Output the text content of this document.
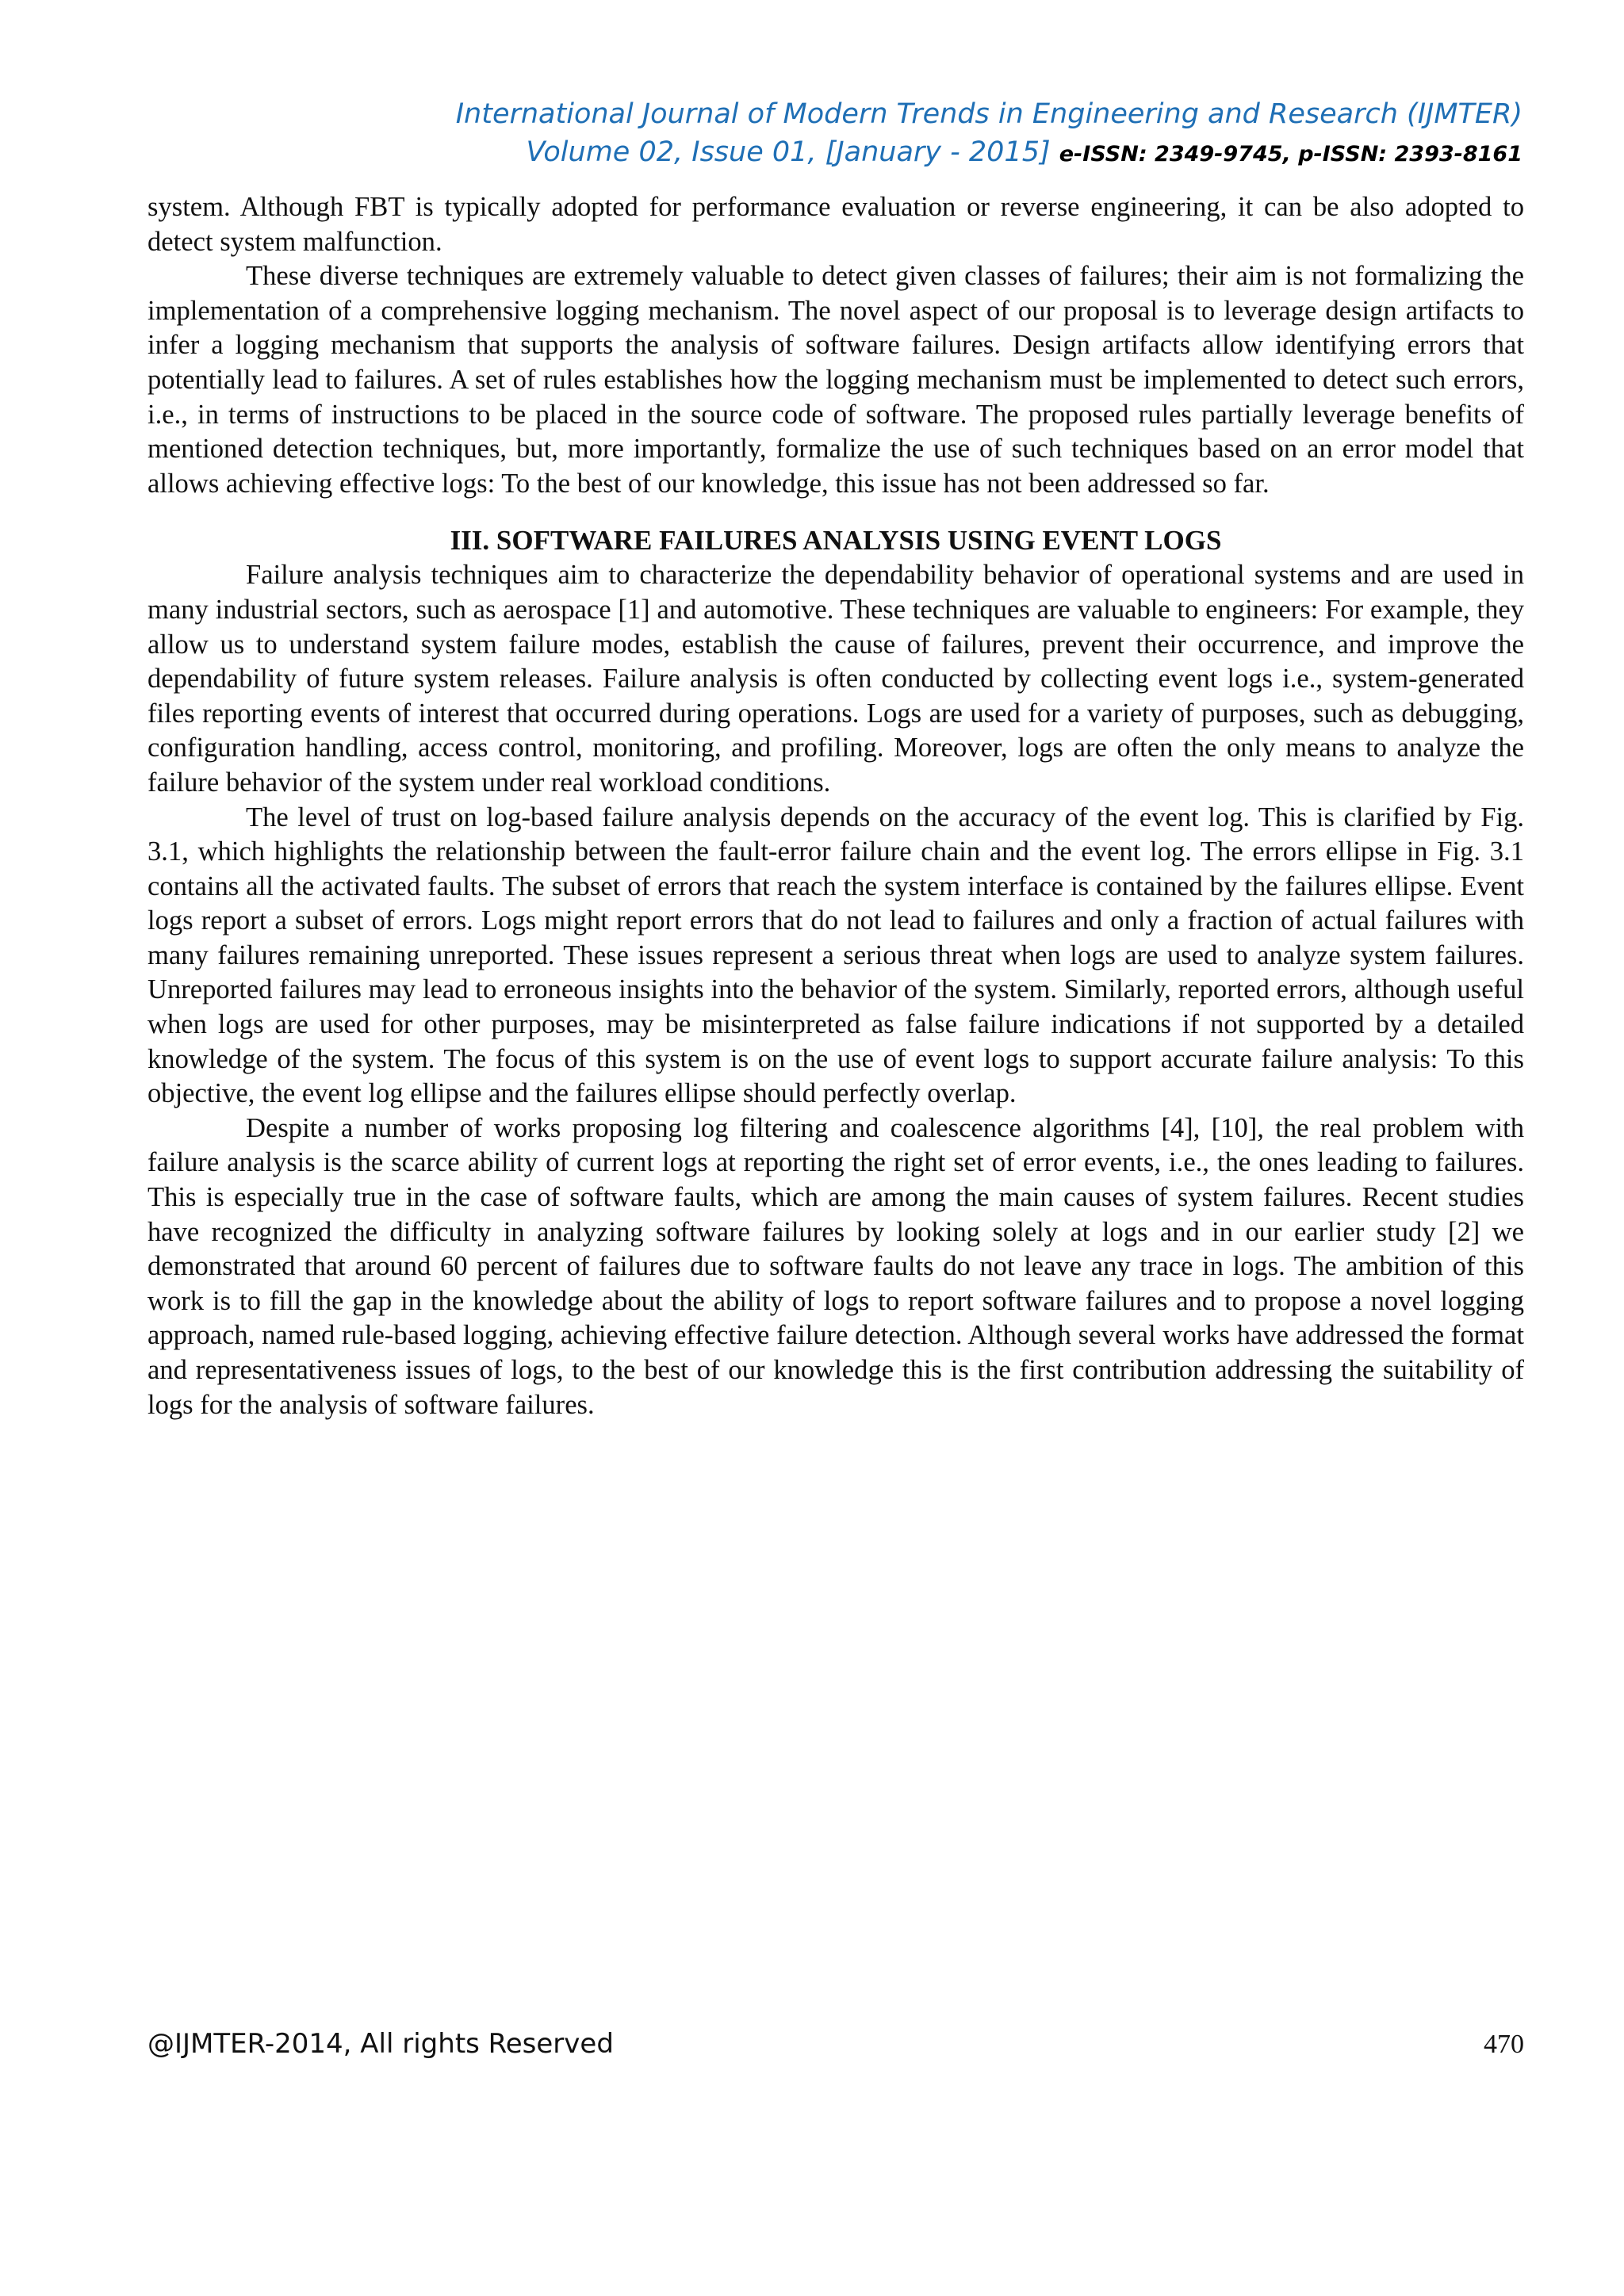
International Journal of Modern Trends in Engineering and Research (IJMTER)
Volume 02, Issue 01, [January - 2015] e-ISSN: 2349-9745, p-ISSN: 2393-8161

system. Although FBT is typically adopted for performance evaluation or reverse engineering, it can be also adopted to detect system malfunction.

These diverse techniques are extremely valuable to detect given classes of failures; their aim is not formalizing the implementation of a comprehensive logging mechanism. The novel aspect of our proposal is to leverage design artifacts to infer a logging mechanism that supports the analysis of software failures. Design artifacts allow identifying errors that potentially lead to failures. A set of rules establishes how the logging mechanism must be implemented to detect such errors, i.e., in terms of instructions to be placed in the source code of software. The proposed rules partially leverage benefits of mentioned detection techniques, but, more importantly, formalize the use of such techniques based on an error model that allows achieving effective logs: To the best of our knowledge, this issue has not been addressed so far.

III. SOFTWARE FAILURES ANALYSIS USING EVENT LOGS

Failure analysis techniques aim to characterize the dependability behavior of operational systems and are used in many industrial sectors, such as aerospace [1] and automotive. These techniques are valuable to engineers: For example, they allow us to understand system failure modes, establish the cause of failures, prevent their occurrence, and improve the dependability of future system releases. Failure analysis is often conducted by collecting event logs i.e., system-generated files reporting events of interest that occurred during operations. Logs are used for a variety of purposes, such as debugging, configuration handling, access control, monitoring, and profiling. Moreover, logs are often the only means to analyze the failure behavior of the system under real workload conditions.

The level of trust on log-based failure analysis depends on the accuracy of the event log. This is clarified by Fig. 3.1, which highlights the relationship between the fault-error failure chain and the event log. The errors ellipse in Fig. 3.1 contains all the activated faults. The subset of errors that reach the system interface is contained by the failures ellipse. Event logs report a subset of errors. Logs might report errors that do not lead to failures and only a fraction of actual failures with many failures remaining unreported. These issues represent a serious threat when logs are used to analyze system failures. Unreported failures may lead to erroneous insights into the behavior of the system. Similarly, reported errors, although useful when logs are used for other purposes, may be misinterpreted as false failure indications if not supported by a detailed knowledge of the system. The focus of this system is on the use of event logs to support accurate failure analysis: To this objective, the event log ellipse and the failures ellipse should perfectly overlap.

Despite a number of works proposing log filtering and coalescence algorithms [4], [10], the real problem with failure analysis is the scarce ability of current logs at reporting the right set of error events, i.e., the ones leading to failures. This is especially true in the case of software faults, which are among the main causes of system failures. Recent studies have recognized the difficulty in analyzing software failures by looking solely at logs and in our earlier study [2] we demonstrated that around 60 percent of failures due to software faults do not leave any trace in logs. The ambition of this work is to fill the gap in the knowledge about the ability of logs to report software failures and to propose a novel logging approach, named rule-based logging, achieving effective failure detection. Although several works have addressed the format and representativeness issues of logs, to the best of our knowledge this is the first contribution addressing the suitability of logs for the analysis of software failures.

@IJMTER-2014, All rights Reserved	470
